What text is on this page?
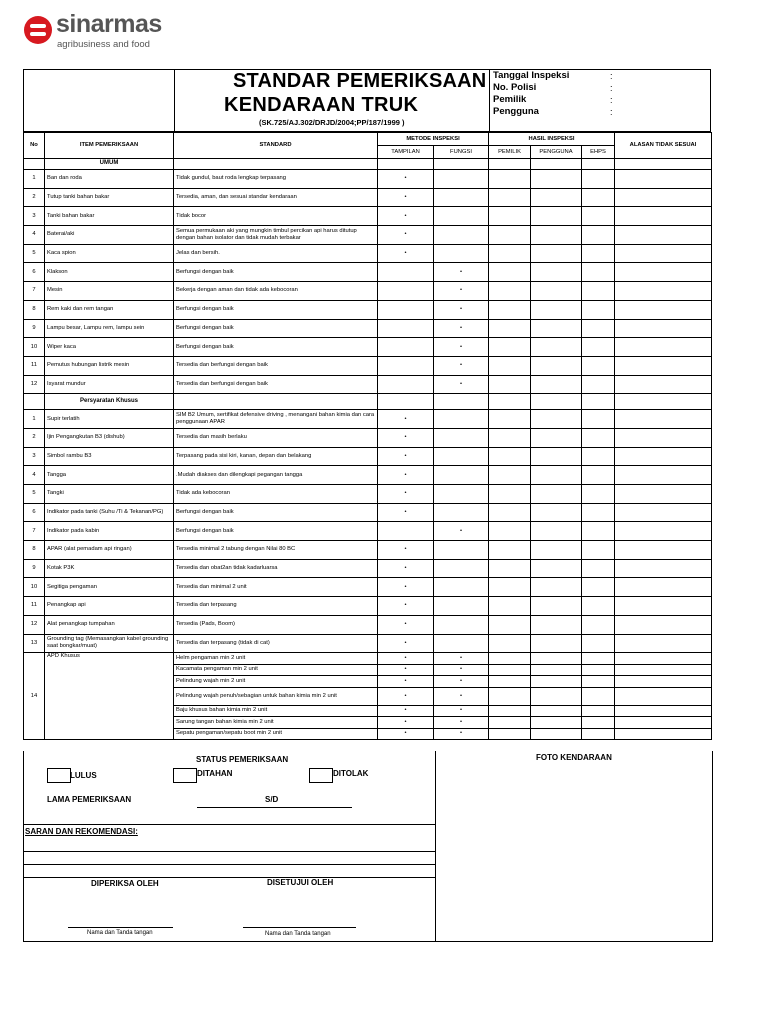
sinarmas
agribusiness and food
STANDAR PEMERIKSAAN
KENDARAAN TRUK
(SK.725/AJ.302/DRJD/2004;PP/187/1999 )
Tanggal Inspeksi	:
No. Polisi	:
Pemilik	:
Pengguna	:
No	ITEM PEMERIKSAAN	STANDARD	METODE INSPEKSI		HASIL INSPEKSI			ALASAN TIDAK SESUAI
			TAMPILAN	FUNGSI	PEMILIK	PENGGUNA	EHPS	
	UMUM							
1	Ban dan roda	Tidak gundul, baut roda lengkap terpasang	•					
2	Tutup tanki bahan bakar	Tersedia, aman, dan sesuai standar kendaraan	•					
3	Tanki bahan bakar	Tidak bocor	•					
4	Baterai/aki	Semua permukaan aki yang mungkin timbul percikan api harus ditutup dengan bahan isolator dan tidak mudah terbakar	•					
5	Kaca spion	Jelas dan bersih.	•					
6	Klakson	Berfungsi dengan baik		•				
7	Mesin	Bekerja dengan aman dan tidak ada kebocoran		•				
8	Rem kaki dan rem tangan	Berfungsi dengan baik		•				
9	Lampu besar, Lampu rem, lampu sein	Berfungsi dengan baik		•				
10	Wiper kaca	Berfungsi dengan baik		•				
11	Pemutus hubungan listrik mesin	Tersedia dan berfungsi dengan baik		•				
12	Isyarat mundur	Tersedia dan berfungsi dengan baik		•				
	Persyaratan Khusus							
1	Supir terlatih	SIM B2 Umum, sertifikat defensive driving , menangani bahan kimia dan cara penggunaan APAR	•					
2	Ijin Pengangkutan B3 (dishub)	Tersedia dan masih berlaku	•					
3	Simbol rambu B3	Terpasang pada sisi kiri, kanan, depan dan belakang	•					
4	Tangga	.Mudah diakses dan dilengkapi pegangan tangga	•					
5	Tangki	Tidak ada kebocoran	•					
6	Indikator pada tanki (Suhu /Ti & Tekanan/PG)	Berfungsi dengan baik	•					
7	Indikator pada kabin	Berfungsi dengan baik		•				
8	APAR (alat pemadam api ringan)	Tersedia minimal 2 tabung dengan Nilai 80 BC	•					
9	Kotak P3K	Tersedia dan obat2an tidak kadarluarsa	•					
10	Segitiga pengaman	Tersedia dan minimal 2 unit	•					
11	Penangkap api	Tersedia dan terpasang	•					
12	Alat penangkap tumpahan	Tersedia (Pads, Boom)	•					
13	Grounding tag (Memasangkan kabel grounding saat bongkar/muat)	Tersedia dan terpasang (tidak di cat)	•					
14	APD Khusus	Helm pengaman min 2 unit	•	•				
		Kacamata pengaman min 2 unit	•	•				
		Pelindung wajah min 2 unit	•	•				
		Pelindung wajah penuh/sebagian untuk bahan kimia min 2 unit	•	•				
		Baju khusus bahan kimia min 2 unit	•	•				
		Sarung tangan bahan kimia min 2 unit	•	•				
		Sepatu pengaman/sepatu boot min 2 unit	•	•				
STATUS PEMERIKSAAN
LULUS	DITAHAN	DITOLAK
LAMA PEMERIKSAAN	S/D
SARAN DAN REKOMENDASI:
DIPERIKSA OLEH	DISETUJUI OLEH
Nama dan Tanda tangan	Nama dan Tanda tangan
FOTO KENDARAAN
